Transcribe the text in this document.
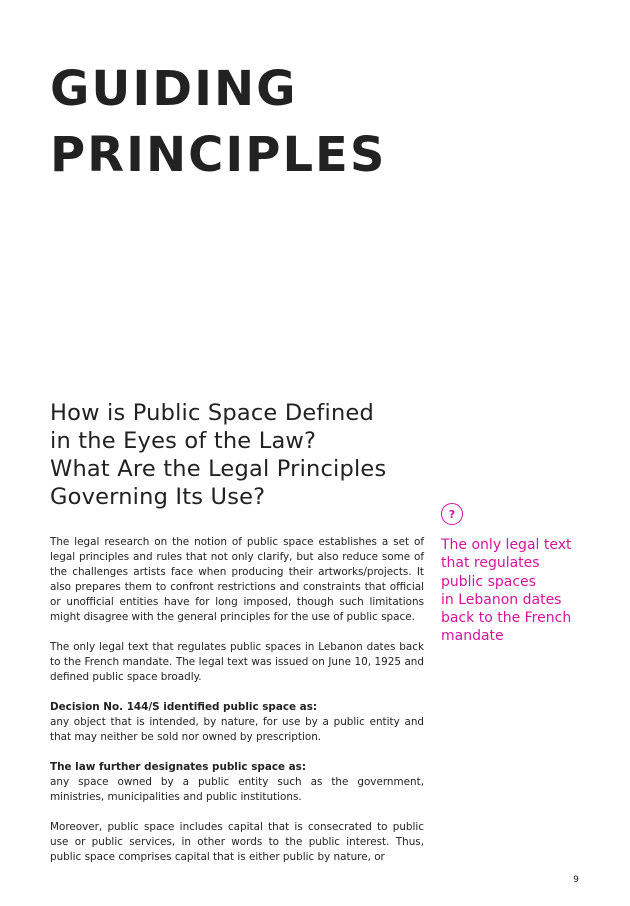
GUIDING
PRINCIPLES
How is Public Space Defined
in the Eyes of the Law?
What Are the Legal Principles
Governing Its Use?

The legal research on the notion of public space establishes a set of legal principles and rules that not only clarify, but also reduce some of the challenges artists face when producing their artworks/projects. It also prepares them to confront restrictions and constraints that official or unofficial entities have for long imposed, though such limitations might disagree with the general principles for the use of public space.

The only legal text that regulates public spaces in Lebanon dates back to the French mandate. The legal text was issued on June 10, 1925 and defined public space broadly.

Decision No. 144/S identified public space as:
any object that is intended, by nature, for use by a public entity and that may neither be sold nor owned by prescription.

The law further designates public space as:
any space owned by a public entity such as the government, ministries, municipalities and public institutions.

Moreover, public space includes capital that is consecrated to public use or public services, in other words to the public interest. Thus, public space comprises capital that is either public by nature, or

?
The only legal text
that regulates
public spaces
in Lebanon dates
back to the French
mandate
9
